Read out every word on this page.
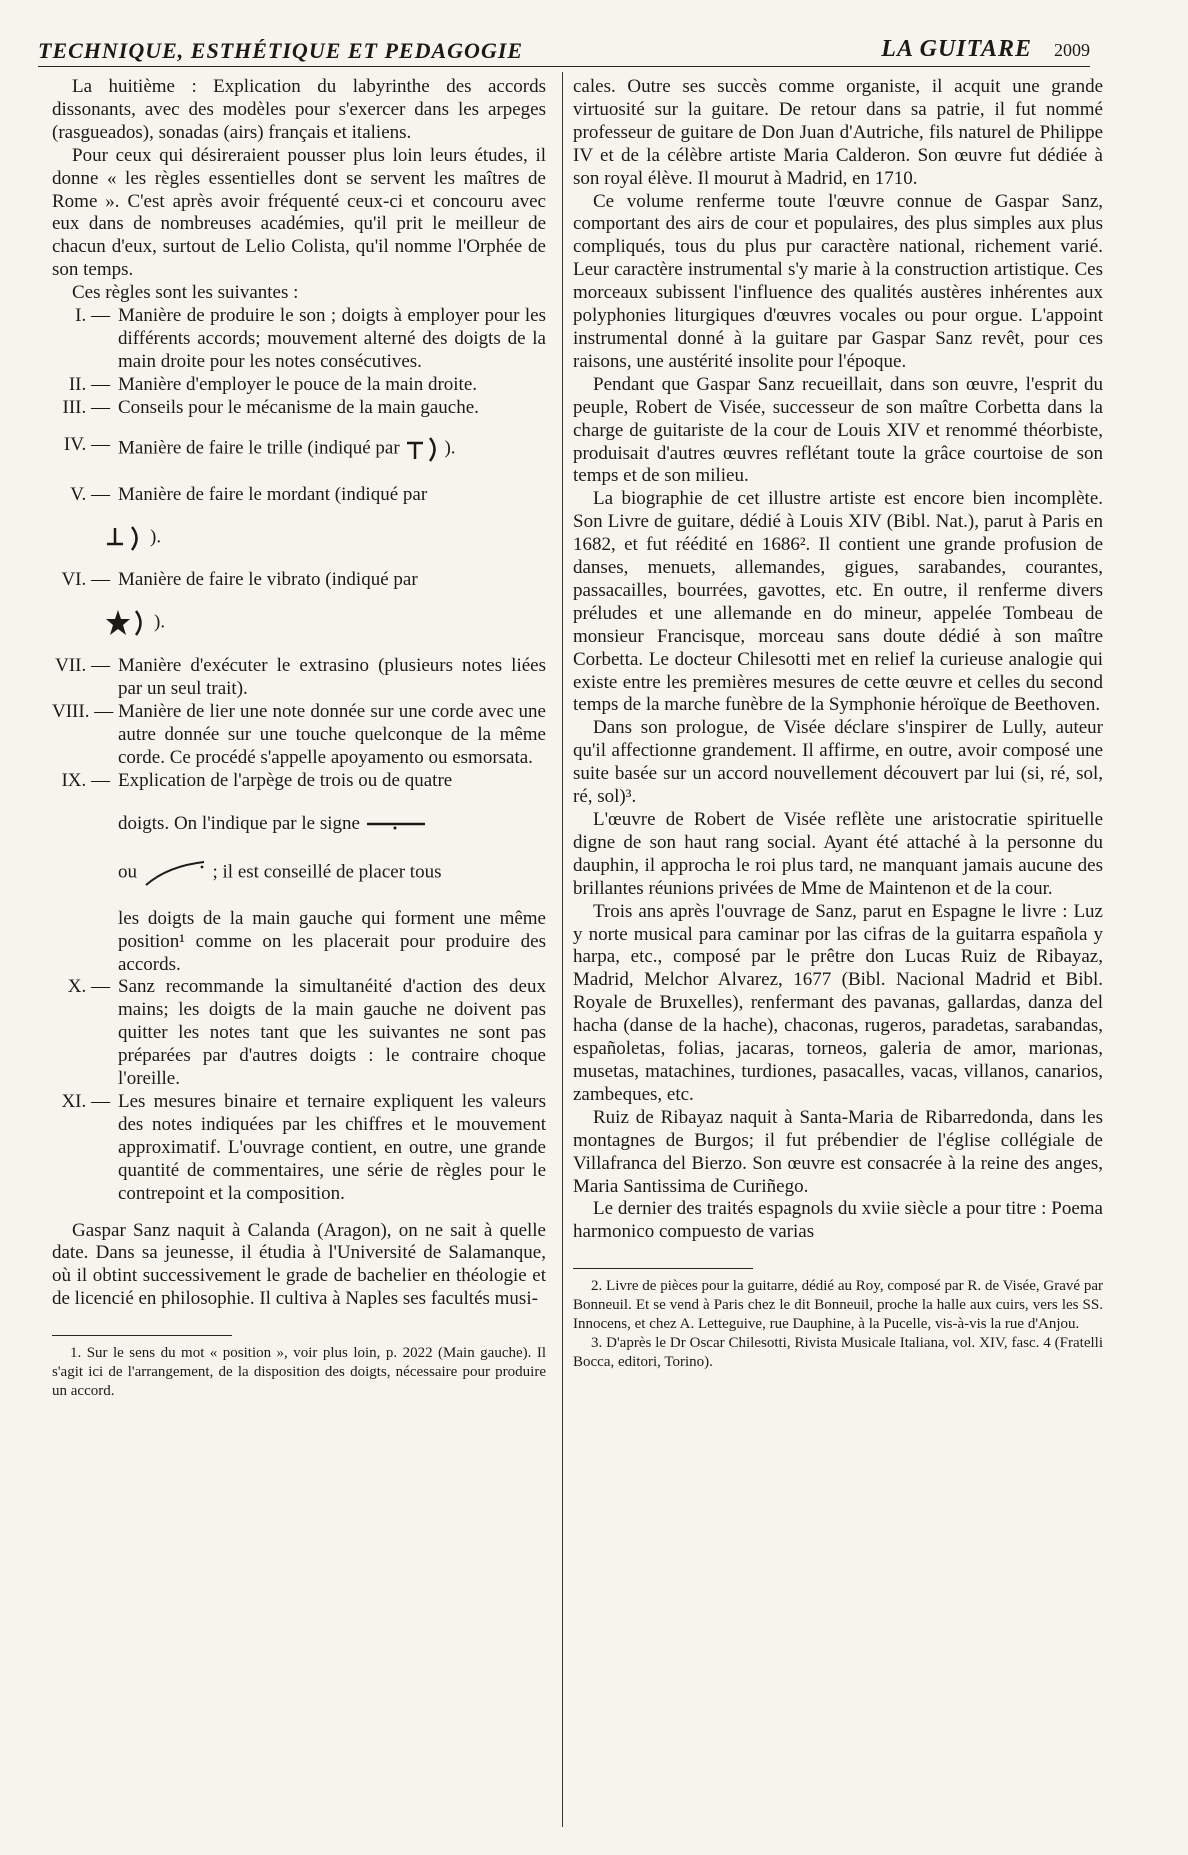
TECHNIQUE, ESTHÉTIQUE ET PEDAGOGIE	LA GUITARE 2009

La huitième : Explication du labyrinthe des accords dissonants, avec des modèles pour s'exercer dans les arpeges (rasgueados), sonadas (airs) français et italiens.

Pour ceux qui désireraient pousser plus loin leurs études, il donne « les règles essentielles dont se servent les maîtres de Rome ». C'est après avoir fréquenté ceux-ci et concouru avec eux dans de nombreuses académies, qu'il prit le meilleur de chacun d'eux, surtout de Lelio Colista, qu'il nomme l'Orphée de son temps.

Ces règles sont les suivantes :

I. — Manière de produire le son ; doigts à employer pour les différents accords; mouvement alterné des doigts de la main droite pour les notes consécutives.
II. — Manière d'employer le pouce de la main droite.
III. — Conseils pour le mécanisme de la main gauche.
IV. — Manière de faire le trille (indiqué par ).
V. — Manière de faire le mordant (indiqué par
).
VI. — Manière de faire le vibrato (indiqué par
).
VII. — Manière d'exécuter le extrasino (plusieurs notes liées par un seul trait).
VIII. — Manière de lier une note donnée sur une corde avec une autre donnée sur une touche quelconque de la même corde. Ce procédé s'appelle apoyamento ou esmorsata.
IX. — Explication de l'arpège de trois ou de quatre
doigts. On l'indique par le signe
ou	; il est conseillé de placer tous
les doigts de la main gauche qui forment une même position¹ comme on les placerait pour produire des accords.
X. — Sanz recommande la simultanéité d'action des deux mains; les doigts de la main gauche ne doivent pas quitter les notes tant que les suivantes ne sont pas préparées par d'autres doigts : le contraire choque l'oreille.
XI. — Les mesures binaire et ternaire expliquent les valeurs des notes indiquées par les chiffres et le mouvement approximatif. L'ouvrage contient, en outre, une grande quantité de commentaires, une série de règles pour le contrepoint et la composition.

Gaspar Sanz naquit à Calanda (Aragon), on ne sait à quelle date. Dans sa jeunesse, il étudia à l'Université de Salamanque, où il obtint successivement le grade de bachelier en théologie et de licencié en philosophie. Il cultiva à Naples ses facultés musi-

1. Sur le sens du mot « position », voir plus loin, p. 2022 (Main gauche). Il s'agit ici de l'arrangement, de la disposition des doigts, nécessaire pour produire un accord.

cales. Outre ses succès comme organiste, il acquit une grande virtuosité sur la guitare. De retour dans sa patrie, il fut nommé professeur de guitare de Don Juan d'Autriche, fils naturel de Philippe IV et de la célèbre artiste Maria Calderon. Son œuvre fut dédiée à son royal élève. Il mourut à Madrid, en 1710.

Ce volume renferme toute l'œuvre connue de Gaspar Sanz, comportant des airs de cour et populaires, des plus simples aux plus compliqués, tous du plus pur caractère national, richement varié. Leur caractère instrumental s'y marie à la construction artistique. Ces morceaux subissent l'influence des qualités austères inhérentes aux polyphonies liturgiques d'œuvres vocales ou pour orgue. L'appoint instrumental donné à la guitare par Gaspar Sanz revêt, pour ces raisons, une austérité insolite pour l'époque.

Pendant que Gaspar Sanz recueillait, dans son œuvre, l'esprit du peuple, Robert de Visée, successeur de son maître Corbetta dans la charge de guitariste de la cour de Louis XIV et renommé théorbiste, produisait d'autres œuvres reflétant toute la grâce courtoise de son temps et de son milieu.

La biographie de cet illustre artiste est encore bien incomplète. Son Livre de guitare, dédié à Louis XIV (Bibl. Nat.), parut à Paris en 1682, et fut réédité en 1686². Il contient une grande profusion de danses, menuets, allemandes, gigues, sarabandes, courantes, passacailles, bourrées, gavottes, etc. En outre, il renferme divers préludes et une allemande en do mineur, appelée Tombeau de monsieur Francisque, morceau sans doute dédié à son maître Corbetta. Le docteur Chilesotti met en relief la curieuse analogie qui existe entre les premières mesures de cette œuvre et celles du second temps de la marche funèbre de la Symphonie héroïque de Beethoven.

Dans son prologue, de Visée déclare s'inspirer de Lully, auteur qu'il affectionne grandement. Il affirme, en outre, avoir composé une suite basée sur un accord nouvellement découvert par lui (si, ré, sol, ré, sol)³.

L'œuvre de Robert de Visée reflète une aristocratie spirituelle digne de son haut rang social. Ayant été attaché à la personne du dauphin, il approcha le roi plus tard, ne manquant jamais aucune des brillantes réunions privées de Mme de Maintenon et de la cour.

Trois ans après l'ouvrage de Sanz, parut en Espagne le livre : Luz y norte musical para caminar por las cifras de la guitarra española y harpa, etc., composé par le prêtre don Lucas Ruiz de Ribayaz, Madrid, Melchor Alvarez, 1677 (Bibl. Nacional Madrid et Bibl. Royale de Bruxelles), renfermant des pavanas, gallardas, danza del hacha (danse de la hache), chaconas, rugeros, paradetas, sarabandas, españoletas, folias, jacaras, torneos, galeria de amor, marionas, musetas, matachines, turdiones, pasacalles, vacas, villanos, canarios, zambeques, etc.

Ruiz de Ribayaz naquit à Santa-Maria de Ribarredonda, dans les montagnes de Burgos; il fut prébendier de l'église collégiale de Villafranca del Bierzo. Son œuvre est consacrée à la reine des anges, Maria Santissima de Curiñego.

Le dernier des traités espagnols du xviie siècle a pour titre : Poema harmonico compuesto de varias

2. Livre de pièces pour la guitarre, dédié au Roy, composé par R. de Visée, Gravé par Bonneuil. Et se vend à Paris chez le dit Bonneuil, proche la halle aux cuirs, vers les SS. Innocens, et chez A. Letteguive, rue Dauphine, à la Pucelle, vis-à-vis la rue d'Anjou.

3. D'après le Dr Oscar Chilesotti, Rivista Musicale Italiana, vol. XIV, fasc. 4 (Fratelli Bocca, editori, Torino).
